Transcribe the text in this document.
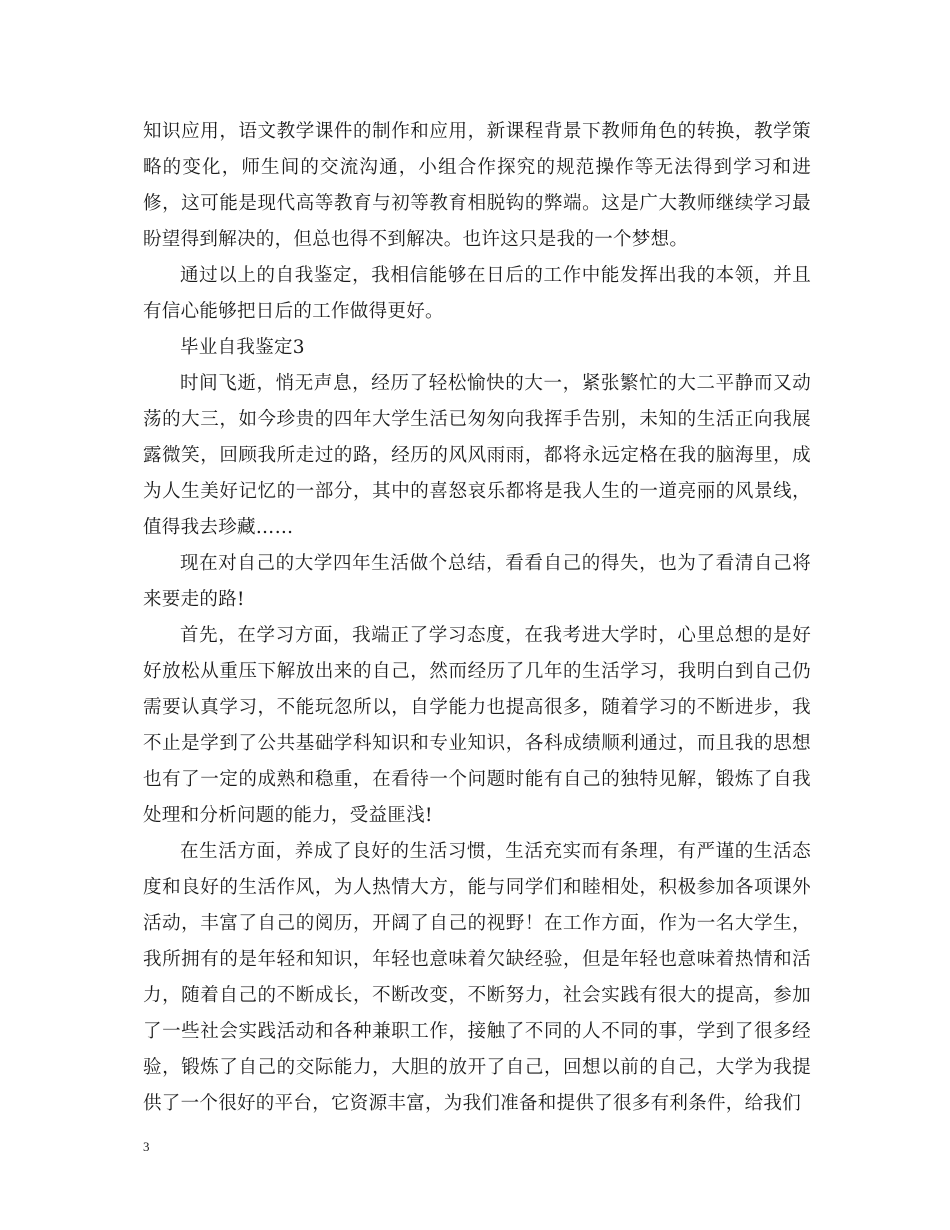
知识应用，语文教学课件的制作和应用，新课程背景下教师角色的转换，教学策略的变化，师生间的交流沟通，小组合作探究的规范操作等无法得到学习和进修，这可能是现代高等教育与初等教育相脱钩的弊端。这是广大教师继续学习最盼望得到解决的，但总也得不到解决。也许这只是我的一个梦想。

通过以上的自我鉴定，我相信能够在日后的工作中能发挥出我的本领，并且有信心能够把日后的工作做得更好。

毕业自我鉴定3

时间飞逝，悄无声息，经历了轻松愉快的大一，紧张繁忙的大二平静而又动荡的大三，如今珍贵的四年大学生活已匆匆向我挥手告别，未知的生活正向我展露微笑，回顾我所走过的路，经历的风风雨雨，都将永远定格在我的脑海里，成为人生美好记忆的一部分，其中的喜怒哀乐都将是我人生的一道亮丽的风景线，值得我去珍藏……

现在对自己的大学四年生活做个总结，看看自己的得失，也为了看清自己将来要走的路!

首先，在学习方面，我端正了学习态度，在我考进大学时，心里总想的是好好放松从重压下解放出来的自己，然而经历了几年的生活学习，我明白到自己仍需要认真学习，不能玩忽所以，自学能力也提高很多，随着学习的不断进步，我不止是学到了公共基础学科知识和专业知识，各科成绩顺利通过，而且我的思想也有了一定的成熟和稳重，在看待一个问题时能有自己的独特见解，锻炼了自我处理和分析问题的能力，受益匪浅!

在生活方面，养成了良好的生活习惯，生活充实而有条理，有严谨的生活态度和良好的生活作风，为人热情大方，能与同学们和睦相处，积极参加各项课外活动，丰富了自己的阅历，开阔了自己的视野！在工作方面，作为一名大学生，我所拥有的是年轻和知识，年轻也意味着欠缺经验，但是年轻也意味着热情和活力，随着自己的不断成长，不断改变，不断努力，社会实践有很大的提高，参加了一些社会实践活动和各种兼职工作，接触了不同的人不同的事，学到了很多经验，锻炼了自己的交际能力，大胆的放开了自己，回想以前的自己，大学为我提供了一个很好的平台，它资源丰富，为我们准备和提供了很多有利条件，给我们

3
